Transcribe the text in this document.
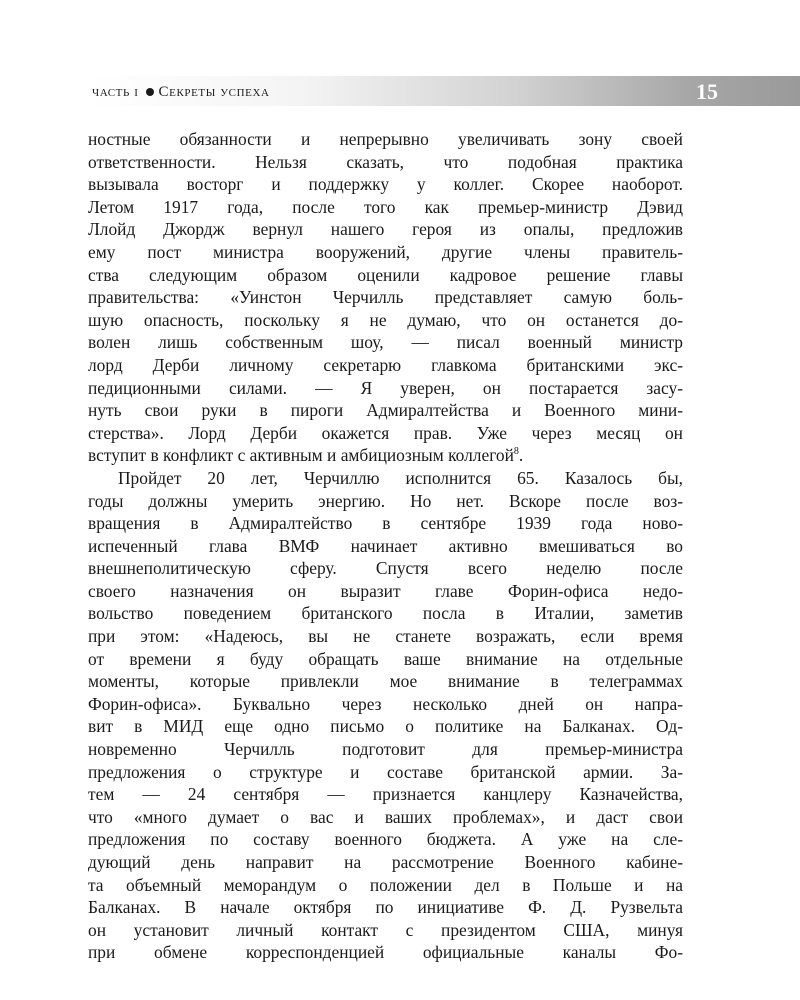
часть i Секреты успеха	15
ностные обязанности и непрерывно увеличивать зону своей
ответственности. Нельзя сказать, что подобная практика
вызывала восторг и поддержку у коллег. Скорее наоборот.
Летом 1917 года, после того как премьер-министр Дэвид
Ллойд Джордж вернул нашего героя из опалы, предложив
ему пост министра вооружений, другие члены правитель-
ства следующим образом оценили кадровое решение главы
правительства: «Уинстон Черчилль представляет самую боль-
шую опасность, поскольку я не думаю, что он останется до-
волен лишь собственным шоу, — писал военный министр
лорд Дерби личному секретарю главкома британскими экс-
педиционными силами. — Я уверен, он постарается засу-
нуть свои руки в пироги Адмиралтейства и Военного мини-
стерства». Лорд Дерби окажется прав. Уже через месяц он
вступит в конфликт с активным и амбициозным коллегой$^8$.
Пройдет 20 лет, Черчиллю исполнится 65. Казалось бы,
годы должны умерить энергию. Но нет. Вскоре после воз-
вращения в Адмиралтейство в сентябре 1939 года ново-
испеченный глава ВМФ начинает активно вмешиваться во
внешнеполитическую сферу. Спустя всего неделю после
своего назначения он выразит главе Форин-офиса недо-
вольство поведением британского посла в Италии, заметив
при этом: «Надеюсь, вы не станете возражать, если время
от времени я буду обращать ваше внимание на отдельные
моменты, которые привлекли мое внимание в телеграммах
Форин-офиса». Буквально через несколько дней он напра-
вит в МИД еще одно письмо о политике на Балканах. Од-
новременно Черчилль подготовит для премьер-министра
предложения о структуре и составе британской армии. За-
тем — 24 сентября — признается канцлеру Казначейства,
что «много думает о вас и ваших проблемах», и даст свои
предложения по составу военного бюджета. А уже на сле-
дующий день направит на рассмотрение Военного кабине-
та объемный меморандум о положении дел в Польше и на
Балканах. В начале октября по инициативе Ф. Д. Рузвельта
он установит личный контакт с президентом США, минуя
при обмене корреспонденцией официальные каналы Фо-
